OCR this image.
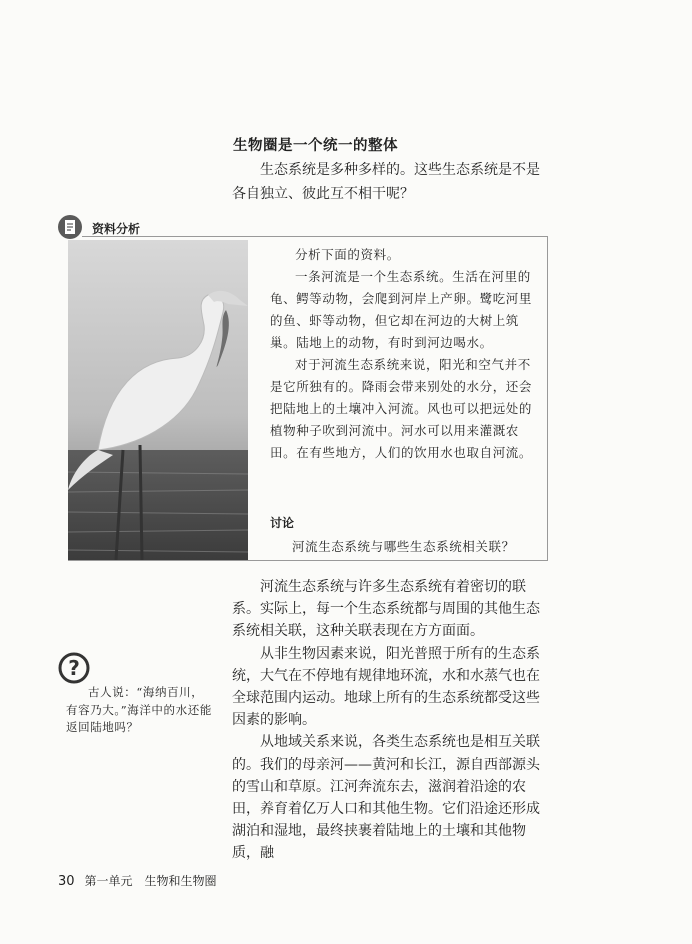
生物圈是一个统一的整体

生态系统是多种多样的。这些生态系统是不是各自独立、彼此互不相干呢？

资料分析

分析下面的资料。

一条河流是一个生态系统。生活在河里的龟、鳄等动物，会爬到河岸上产卵。鹭吃河里的鱼、虾等动物，但它却在河边的大树上筑巢。陆地上的动物，有时到河边喝水。

对于河流生态系统来说，阳光和空气并不是它所独有的。降雨会带来别处的水分，还会把陆地上的土壤冲入河流。风也可以把远处的植物种子吹到河流中。河水可以用来灌溉农田。在有些地方，人们的饮用水也取自河流。

讨论
河流生态系统与哪些生态系统相关联？

河流生态系统与许多生态系统有着密切的联系。实际上，每一个生态系统都与周围的其他生态系统相关联，这种关联表现在方方面面。

从非生物因素来说，阳光普照于所有的生态系统，大气在不停地有规律地环流，水和水蒸气也在全球范围内运动。地球上所有的生态系统都受这些因素的影响。

从地域关系来说，各类生态系统也是相互关联的。我们的母亲河——黄河和长江，源自西部源头的雪山和草原。江河奔流东去，滋润着沿途的农田，养育着亿万人口和其他生物。它们沿途还形成湖泊和湿地，最终挟裹着陆地上的土壤和其他物质，融

?
古人说：“海纳百川，有容乃大。”海洋中的水还能返回陆地吗？
30 第一单元　生物和生物圈
